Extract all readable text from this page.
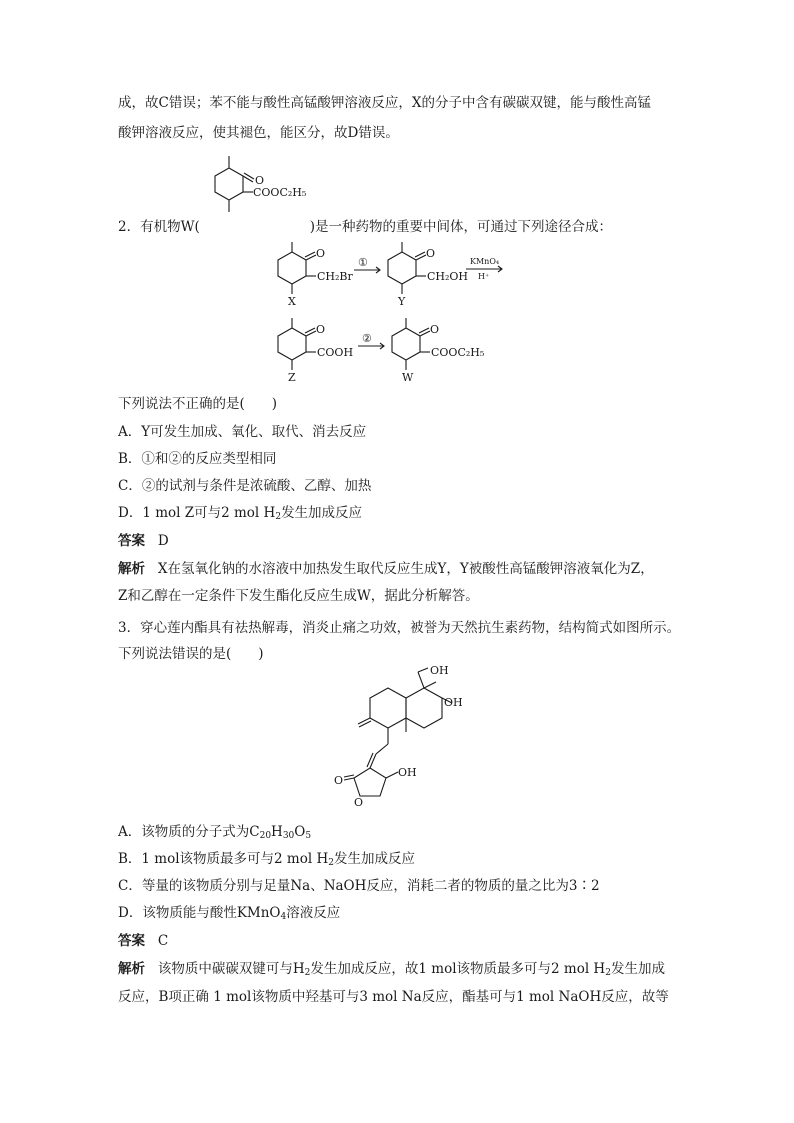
成，故C错误；苯不能与酸性高锰酸钾溶液反应，X的分子中含有碳碳双键，能与酸性高锰
酸钾溶液反应，使其褪色，能区分，故D错误。
O
COOC₂H₅
2．有机物W(	)是一种药物的重要中间体，可通过下列途径合成：
O
CH₂Br
X
①
O
CH₂OH
Y
KMnO₄
H⁺
O
COOH
Z
②
O
COOC₂H₅
W
下列说法不正确的是(　　)
A．Y可发生加成、氧化、取代、消去反应
B．①和②的反应类型相同
C．②的试剂与条件是浓硫酸、乙醇、加热
D．1 mol Z可与2 mol $H_2$发生加成反应
答案 D
解析 X在氢氧化钠的水溶液中加热发生取代反应生成Y，Y被酸性高锰酸钾溶液氧化为Z，
Z和乙醇在一定条件下发生酯化反应生成W，据此分析解答。
3．穿心莲内酯具有祛热解毒，消炎止痛之功效，被誉为天然抗生素药物，结构简式如图所示。
下列说法错误的是(　　)
OH
OH
O
O
OH
A．该物质的分子式为$C_{20}H_{30}O_5$
B．1 mol该物质最多可与2 mol $H_2$发生加成反应
C．等量的该物质分别与足量Na、NaOH反应，消耗二者的物质的量之比为3∶2
D．该物质能与酸性KMnO$_4$溶液反应
答案 C
解析 该物质中碳碳双键可与$H_2$发生加成反应，故1 mol该物质最多可与2 mol $H_2$发生加成
反应，B项正确 1 mol该物质中羟基可与3 mol Na反应，酯基可与1 mol NaOH反应，故等
